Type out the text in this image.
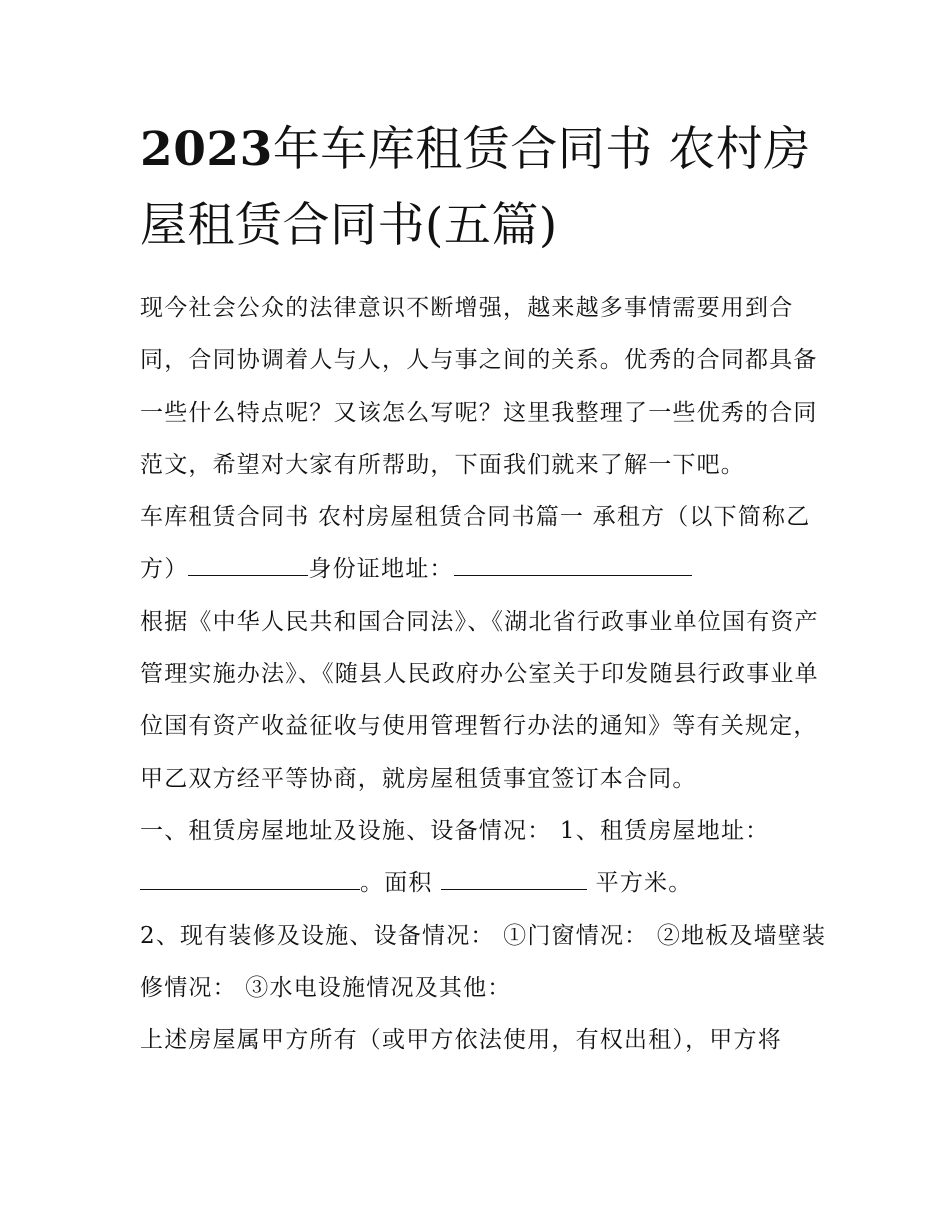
2023年车库租赁合同书 农村房屋租赁合同书(五篇)

现今社会公众的法律意识不断增强，越来越多事情需要用到合同，合同协调着人与人，人与事之间的关系。优秀的合同都具备一些什么特点呢？又该怎么写呢？这里我整理了一些优秀的合同范文，希望对大家有所帮助，下面我们就来了解一下吧。

车库租赁合同书 农村房屋租赁合同书篇一 承租方（以下简称乙方）	身份证地址：

根据《中华人民共和国合同法》、《湖北省行政事业单位国有资产管理实施办法》、《随县人民政府办公室关于印发随县行政事业单位国有资产收益征收与使用管理暂行办法的通知》等有关规定，甲乙双方经平等协商，就房屋租赁事宜签订本合同。

一、租赁房屋地址及设施、设备情况： 1、租赁房屋地址：

。面积	平方米。

2、现有装修及设施、设备情况： ①门窗情况： ②地板及墙壁装修情况： ③水电设施情况及其他：

上述房屋属甲方所有（或甲方依法使用，有权出租），甲方将
